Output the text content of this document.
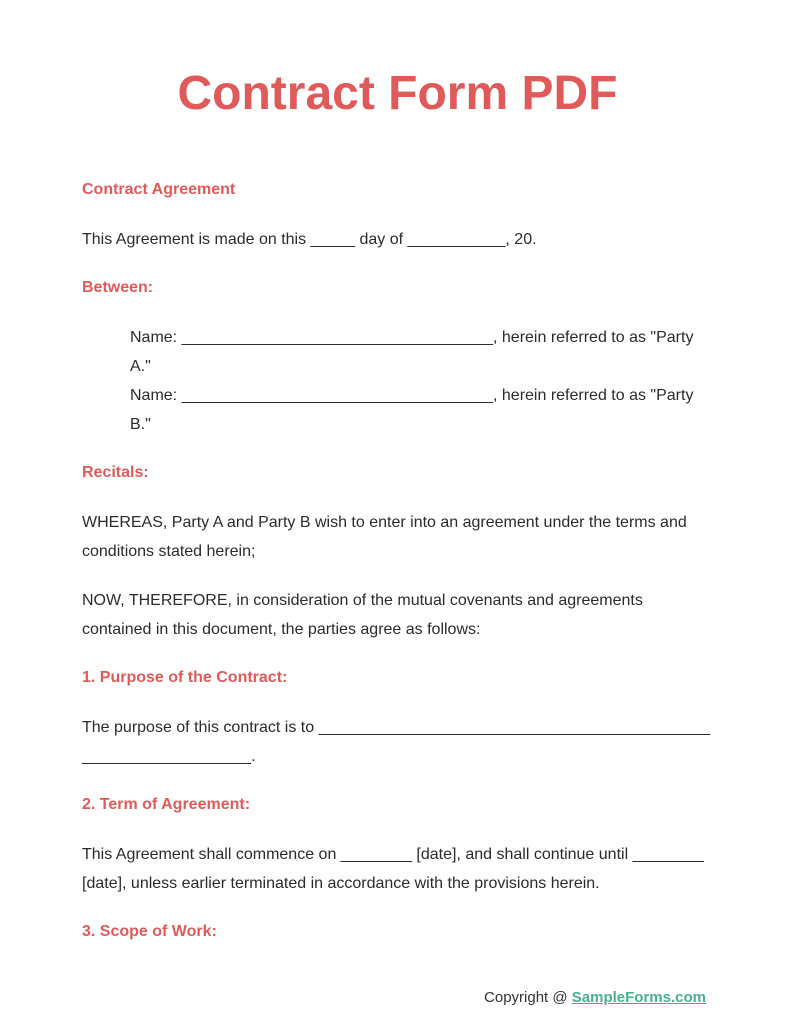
Contract Form PDF
Contract Agreement

This Agreement is made on this _____ day of ___________, 20.

Between:

Name: ___________________________________, herein referred to as "Party A."

Name: ___________________________________, herein referred to as "Party B."

Recitals:

WHEREAS, Party A and Party B wish to enter into an agreement under the terms and conditions stated herein;

NOW, THEREFORE, in consideration of the mutual covenants and agreements contained in this document, the parties agree as follows:

1. Purpose of the Contract:

The purpose of this contract is to _______________________________________________________________.

2. Term of Agreement:

This Agreement shall commence on ________ [date], and shall continue until ________ [date], unless earlier terminated in accordance with the provisions herein.

3. Scope of Work:
Copyright @ SampleForms.com
